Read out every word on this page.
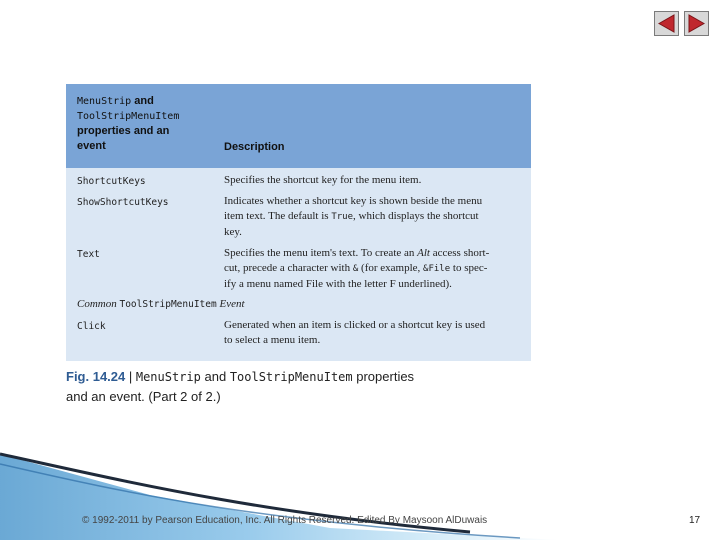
MenuStrip and
ToolStripMenuItem
properties and an
event	Description
ShortcutKeys	Specifies the shortcut key for the menu item.
ShowShortcutKeys	Indicates whether a shortcut key is shown beside the menu
item text. The default is True, which displays the shortcut
key.
Text	Specifies the menu item's text. To create an Alt access short-
cut, precede a character with & (for example, &File to spec-
ify a menu named File with the letter F underlined).
Common ToolStripMenuItem Event
Click	Generated when an item is clicked or a shortcut key is used
to select a menu item.
Fig. 14.24 | MenuStrip and ToolStripMenuItem properties
and an event. (Part 2 of 2.)
© 1992-2011 by Pearson Education, Inc. All Rights Reserved. Edited By Maysoon AlDuwais	17
